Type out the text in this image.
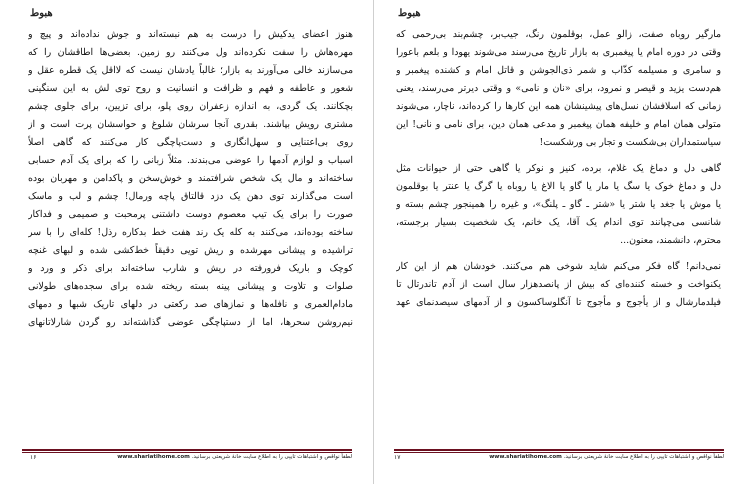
هبوط
هنوز اعضای یدکیش را درست به هم نبسته‌اند و جوش نداده‌اند و پیچ و
مهره‌هاش را سفت نکرده‌اند ول می‌کنند رو زمین. بعضی‌ها اطاقشان را که
می‌سازند خالی می‌آورند به بازار؛ غالباً یادشان نیست که لااقل یک قطره عقل و
شعور و عاطفه و فهم و ظرافت و انسانیت و روح توی لش به این سنگینی
بچکانند. یک گردی، به اندازه زعفران روی پلو، برای تزیین، برای جلوی چشم
مشتری رویش بپاشند. بقدری آنجا سرشان شلوغ و حواسشان پرت است و از
روی بی‌اعتنایی و سهل‌انگاری و دست‌پاچگی کار می‌کنند که گاهی اصلاً
اسباب و لوازم آدمها را عوضی می‌بندند. مثلاً زبانی را که برای یک آدم حسابی
ساخته‌اند و مال یک شخص شرافتمند و خوش‌سخن و پاکدامن و مهربان بوده
است می‌گذارند توی دهن یک دزد قالتاق پاچه ورمال! چشم و لب و ماسک
صورت را برای یک تیپ معصوم دوست داشتنی پرمحبت و صمیمی و فداکار
ساخته بوده‌اند، می‌کنند به کله یک رند هفت خط بدکاره رذل! کله‌ای را با سر
تراشیده و پیشانی مهرشده و ریش تویی دقیقاً خط‌کشی شده و لبهای غنچه
کوچک و باریک فرورفته در ریش و شارب ساخته‌اند برای ذکر و ورد و
صلوات و تلاوت و پیشانی پینه بسته ریخته شده برای سجده‌های طولانی
مادام‌العمری و نافله‌ها و نمازهای صد رکعتی در دلهای تاریک شبها و دمهای
نیم‌روشن سحرها، اما از دستپاچگی عوضی گذاشته‌اند رو گردن شارلاتانهای
۱۶	لطفاً نواقص و اشتباهات تایپی را به اطلاع سایت خانۀ شریعتی برسانید. www.shariatihome.com
هبوط
مارگیر روباه صفت، زالو عمل، بوقلمون رنگ، جیب‌بر، چشم‌بند بی‌رحمی که
وقتی در دوره امام یا پیغمبری به بازار تاریخ می‌رسند می‌شوند یهودا و بلعم باعورا
و سامری و مسیلمه کذّاب و شمر ذی‌الجوشن و قاتل امام و کشنده پیغمبر و
هم‌دست یزید و قیصر و نمرود، برای «نان و نامی» و وقتی دیرتر می‌رسند، یعنی
زمانی که اسلافشان نسل‌های پیشینشان همه این کارها را کرده‌اند، ناچار، می‌شوند
متولی همان امام و خلیفه همان پیغمبر و مدعی همان دین، برای نامی و نانی! این
سیاستمداران بی‌شکست و تجار بی ورشکست!
گاهی دل و دماغ یک غلام، برده، کنیز و نوکر یا گاهی حتی از حیوانات مثل
دل و دماغ خوک یا سگ یا مار یا گاو یا الاغ یا روباه یا گرگ یا عنتر یا بوقلمون
یا موش یا جغد یا شتر یا «شتر ـ گاو ـ پلنگ»، و غیره را همینجور چشم بسته و
شانسی می‌چپانند توی اندام یک آقا، یک خانم، یک شخصیت بسیار برجسته،
محترم، دانشمند، معنون...
نمی‌دانم! گاه فکر می‌کنم شاید شوخی هم می‌کنند. خودشان هم از این کار
یکنواخت و خسته کننده‌ای که بیش از پانصدهزار سال است از آدم تاندرتال تا
فیلدمارشال و از یأجوج و مأجوج تا آنگلوساکسون و از آدمهای سیصدنمای عهد
۱۷	لطفاً نواقص و اشتباهات تایپی را به اطلاع سایت خانۀ شریعتی برسانید. www.shariatihome.com
